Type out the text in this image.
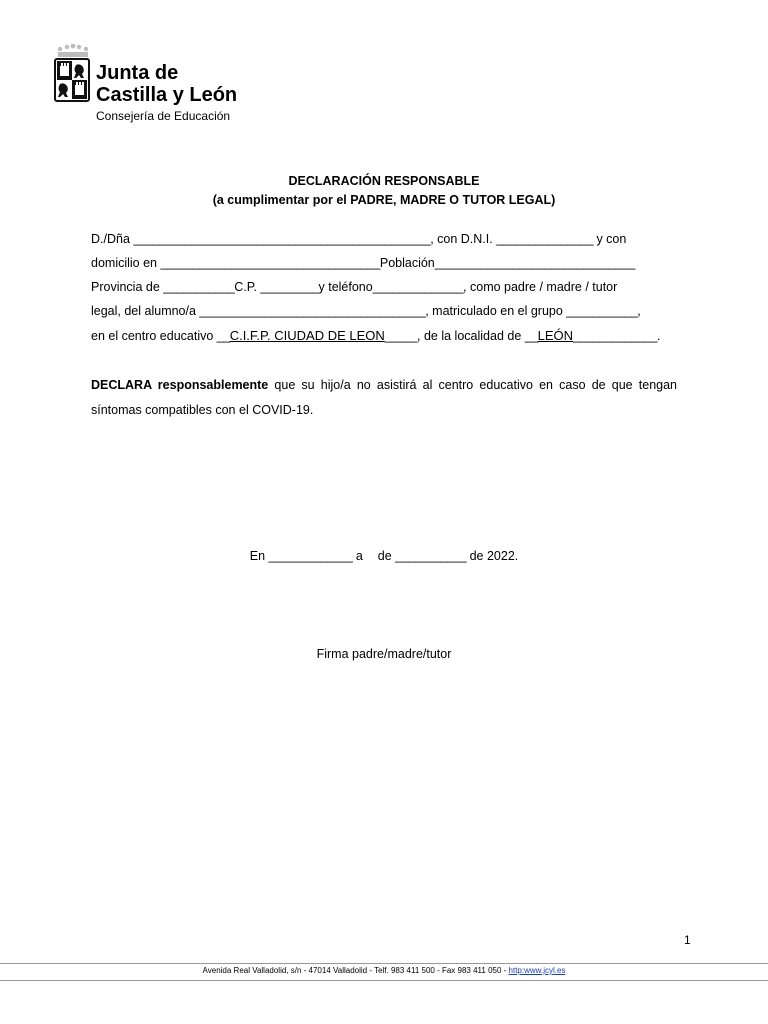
Junta de
Castilla y León
Consejería de Educación
DECLARACIÓN RESPONSABLE
(a cumplimentar por el PADRE, MADRE O TUTOR LEGAL)
D./Dña ______________________________________________, con D.N.I. _______________ y con
domicilio en __________________________________Población_______________________________
Provincia de ___________C.P. _________y teléfono______________, como padre / madre / tutor
legal, del alumno/a ___________________________________, matriculado en el grupo ___________,
en el centro educativo __C.I.F.P. CIUDAD DE LEON_____, de la localidad de __LEÓN_____________.
DECLARA responsablemente que su hijo/a no asistirá al centro educativo en caso de que tengan
síntomas compatibles con el COVID-19.
En _____________ a  de ___________ de 2022.
Firma padre/madre/tutor
1
Avenida Real Valladolid, s/n - 47014 Valladolid - Telf. 983 411 500 - Fax 983 411 050 - http:www.jcyl.es
